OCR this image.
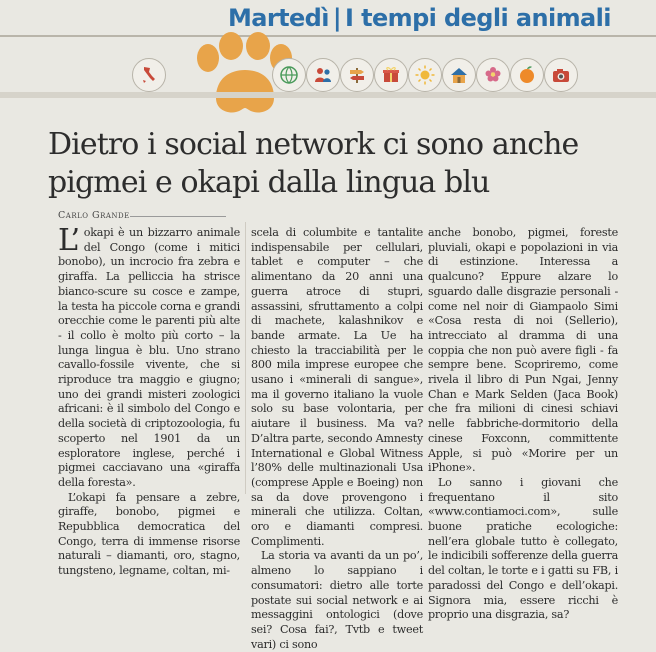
Martedì | I tempi degli animali
Dietro i social network ci sono anche
pigmei e okapi dalla lingua blu
Carlo Grande

L’ okapi è un bizzarro animale del Congo (come i mitici bonobo), un incrocio fra zebra e giraffa. La pelliccia ha strisce bianco-scure su cosce e zampe, la testa ha piccole corna e grandi orecchie come le parenti più alte - il collo è molto più corto – la lunga lingua è blu. Uno strano cavallo-fossile vivente, che si riproduce tra maggio e giugno; uno dei grandi misteri zoologici africani: è il simbolo del Congo e della società di criptozoologia, fu scoperto nel 1901 da un esploratore inglese, perché i pigmei cacciavano una «giraffa della foresta».

L’okapi fa pensare a zebre, giraffe, bonobo, pigmei e Repubblica democratica del Congo, terra di immense risorse naturali – diamanti, oro, stagno, tungsteno, legname, coltan, mi-

scela di columbite e tantalite indispensabile per cellulari, tablet e computer – che alimentano da 20 anni una guerra atroce di stupri, assassini, sfruttamento a colpi di machete, kalashnikov e bande armate. La Ue ha chiesto la tracciabilità per le 800 mila imprese europee che usano i «minerali di sangue», ma il governo italiano la vuole solo su base volontaria, per aiutare il business. Ma va? D’altra parte, secondo Amnesty International e Global Witness l’80% delle multinazionali Usa (comprese Apple e Boeing) non sa da dove provengono i minerali che utilizza. Coltan, oro e diamanti compresi. Complimenti.

La storia va avanti da un po’, almeno lo sappiano i consumatori: dietro alle torte postate sui social network e ai messaggini ontologici (dove sei? Cosa fai?, Tvtb e tweet vari) ci sono

anche bonobo, pigmei, foreste pluviali, okapi e popolazioni in via di estinzione. Interessa a qualcuno? Eppure alzare lo sguardo dalle disgrazie personali - come nel noir di Giampaolo Simi «Cosa resta di noi (Sellerio), intrecciato al dramma di una coppia che non può avere figli - fa sempre bene. Scopriremo, come rivela il libro di Pun Ngai, Jenny Chan e Mark Selden (Jaca Book) che fra milioni di cinesi schiavi nelle fabbriche-dormitorio della cinese Foxconn, committente Apple, si può «Morire per un iPhone».

Lo sanno i giovani che frequentano il sito «www.contiamoci.com», sulle buone pratiche ecologiche: nell’era globale tutto è collegato, le indicibili sofferenze della guerra del coltan, le torte e i gatti su FB, i paradossi del Congo e dell’okapi. Signora mia, essere ricchi è proprio una disgrazia, sa?
